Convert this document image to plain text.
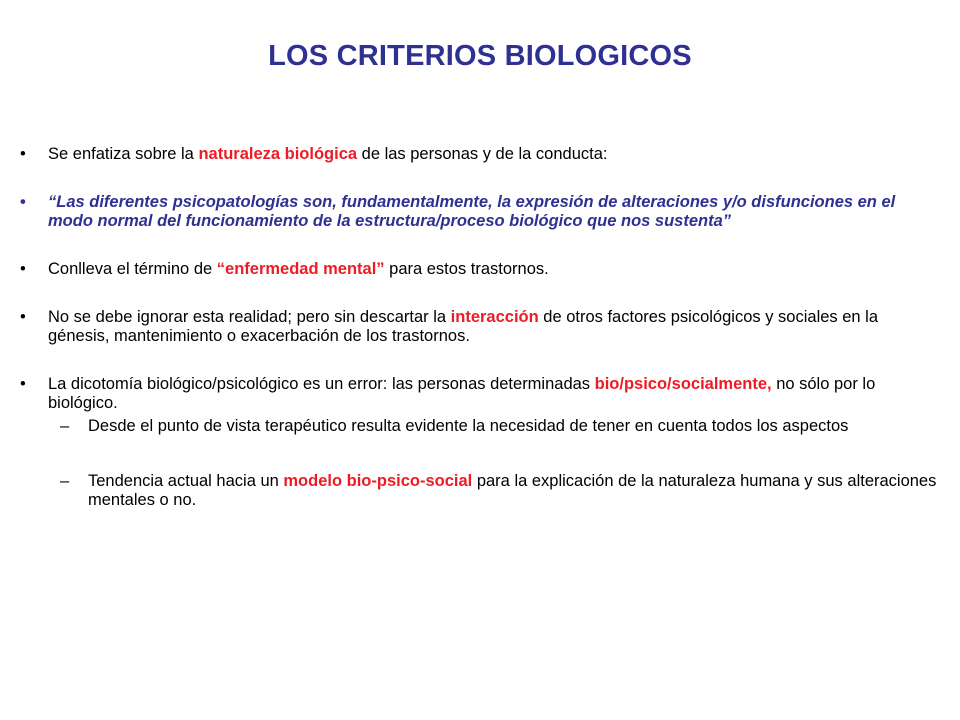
LOS CRITERIOS BIOLOGICOS
•	Se enfatiza sobre la naturaleza biológica de las personas y de la conducta:
•	“Las diferentes psicopatologías son, fundamentalmente, la expresión de alteraciones y/o disfunciones en el modo normal del funcionamiento de la estructura/proceso biológico que nos sustenta”
•	Conlleva el término de “enfermedad mental” para estos trastornos.
•	No se debe ignorar esta realidad; pero sin descartar la interacción de otros factores psicológicos y sociales en la génesis, mantenimiento o exacerbación de los trastornos.
•	La dicotomía biológico/psicológico es un error: las personas determinadas bio/psico/socialmente, no sólo por lo biológico.
– Desde el punto de vista terapéutico resulta evidente la necesidad de tener en cuenta todos los aspectos
– Tendencia actual hacia un modelo bio-psico-social para la explicación de la naturaleza humana y sus alteraciones mentales o no.
